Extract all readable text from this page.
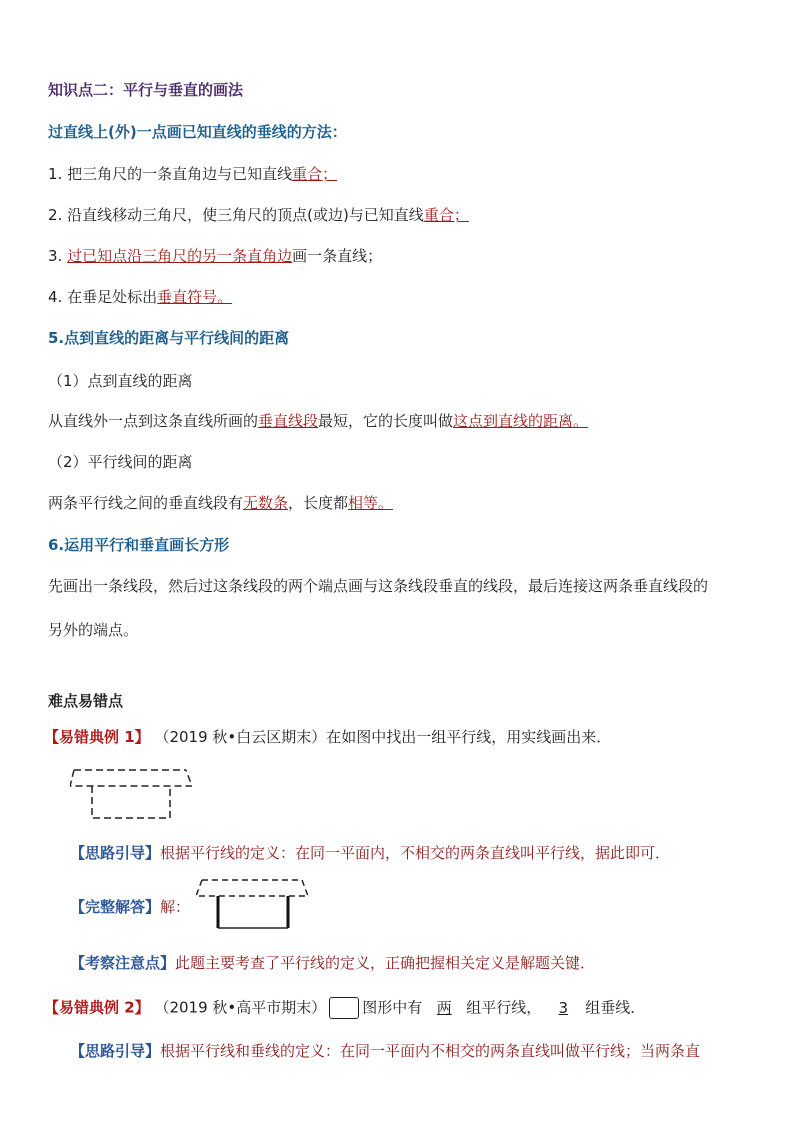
知识点二：平行与垂直的画法
过直线上(外)一点画已知直线的垂线的方法：
1. 把三角尺的一条直角边与已知直线重合；
2. 沿直线移动三角尺，使三角尺的顶点(或边)与已知直线重合；
3. 过已知点沿三角尺的另一条直角边画一条直线；
4. 在垂足处标出垂直符号。
5.点到直线的距离与平行线间的距离
（1）点到直线的距离
从直线外一点到这条直线所画的垂直线段最短，它的长度叫做这点到直线的距离。
（2）平行线间的距离
两条平行线之间的垂直线段有无数条，长度都相等。
6.运用平行和垂直画长方形
先画出一条线段，然后过这条线段的两个端点画与这条线段垂直的线段，最后连接这两条垂直线段的
另外的端点。
难点易错点
【易错典例 1】 （2019 秋•白云区期末）在如图中找出一组平行线，用实线画出来．
【思路引导】根据平行线的定义：在同一平面内，不相交的两条直线叫平行线，据此即可．
【完整解答】解：
【考察注意点】此题主要考查了平行线的定义，正确把握相关定义是解题关键．
【易错典例 2】 （2019 秋•高平市期末） 图形中有 两 组平行线， 3 组垂线．
【思路引导】根据平行线和垂线的定义：在同一平面内不相交的两条直线叫做平行线；当两条直
